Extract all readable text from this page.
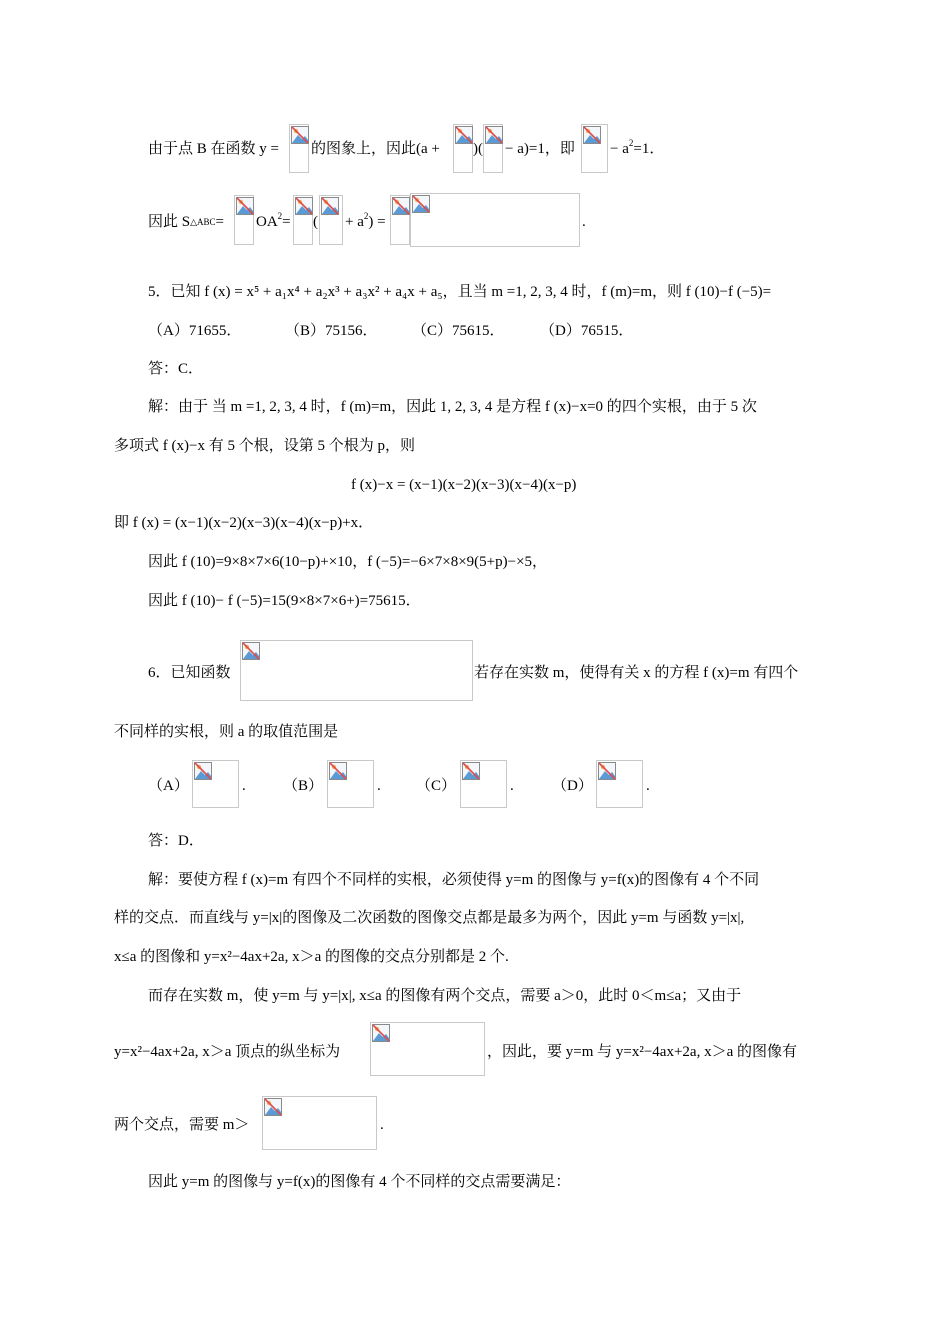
由于点 B 在函数 y = 的图象上，因此(a + )( − a)=1，即 − $a^2=1$．
因此 S△ABC= $OA^2=$ ( + $a^2$) =	.
5．已知 f (x) = x⁵ + a₁x⁴ + a₂x³ + a₃x² + a₄x + a₅，且当 m =1, 2, 3, 4 时，f (m)=m，则 f (10)−f (−5)=
（A）71655．	（B）75156． （C）75615． （D）76515．
答：C．
解：由于 当 m =1, 2, 3, 4 时，f (m)=m，因此 1, 2, 3, 4 是方程 f (x)−x=0 的四个实根，由于 5 次
多项式 f (x)−x 有 5 个根，设第 5 个根为 p，则
f (x)−x = (x−1)(x−2)(x−3)(x−4)(x−p)
即 f (x) = (x−1)(x−2)(x−3)(x−4)(x−p)+x．
因此 f (10)=9×8×7×6(10−p)+×10，f (−5)=−6×7×8×9(5+p)−×5，
因此 f (10)− f (−5)=15(9×8×7×6+)=75615．
6．已知函数	若存在实数 m，使得有关 x 的方程 f (x)=m 有四个
不同样的实根，则 a 的取值范围是
（A）	. （B）	. （C）	.	（D）	.
答：D．
解：要使方程 f (x)=m 有四个不同样的实根，必须使得 y=m 的图像与 y=f(x)的图像有 4 个不同
样的交点．而直线与 y=|x|的图像及二次函数的图像交点都是最多为两个，因此 y=m 与函数 y=|x|,
x≤a 的图像和 y=x²−4ax+2a, x＞a 的图像的交点分别都是 2 个.
而存在实数 m，使 y=m 与 y=|x|, x≤a 的图像有两个交点，需要 a＞0，此时 0＜m≤a；又由于
y=x²−4ax+2a, x＞a 顶点的纵坐标为	，因此，要 y=m 与 y=x²−4ax+2a, x＞a 的图像有
两个交点，需要 m＞	.
因此 y=m 的图像与 y=f(x)的图像有 4 个不同样的交点需要满足：
